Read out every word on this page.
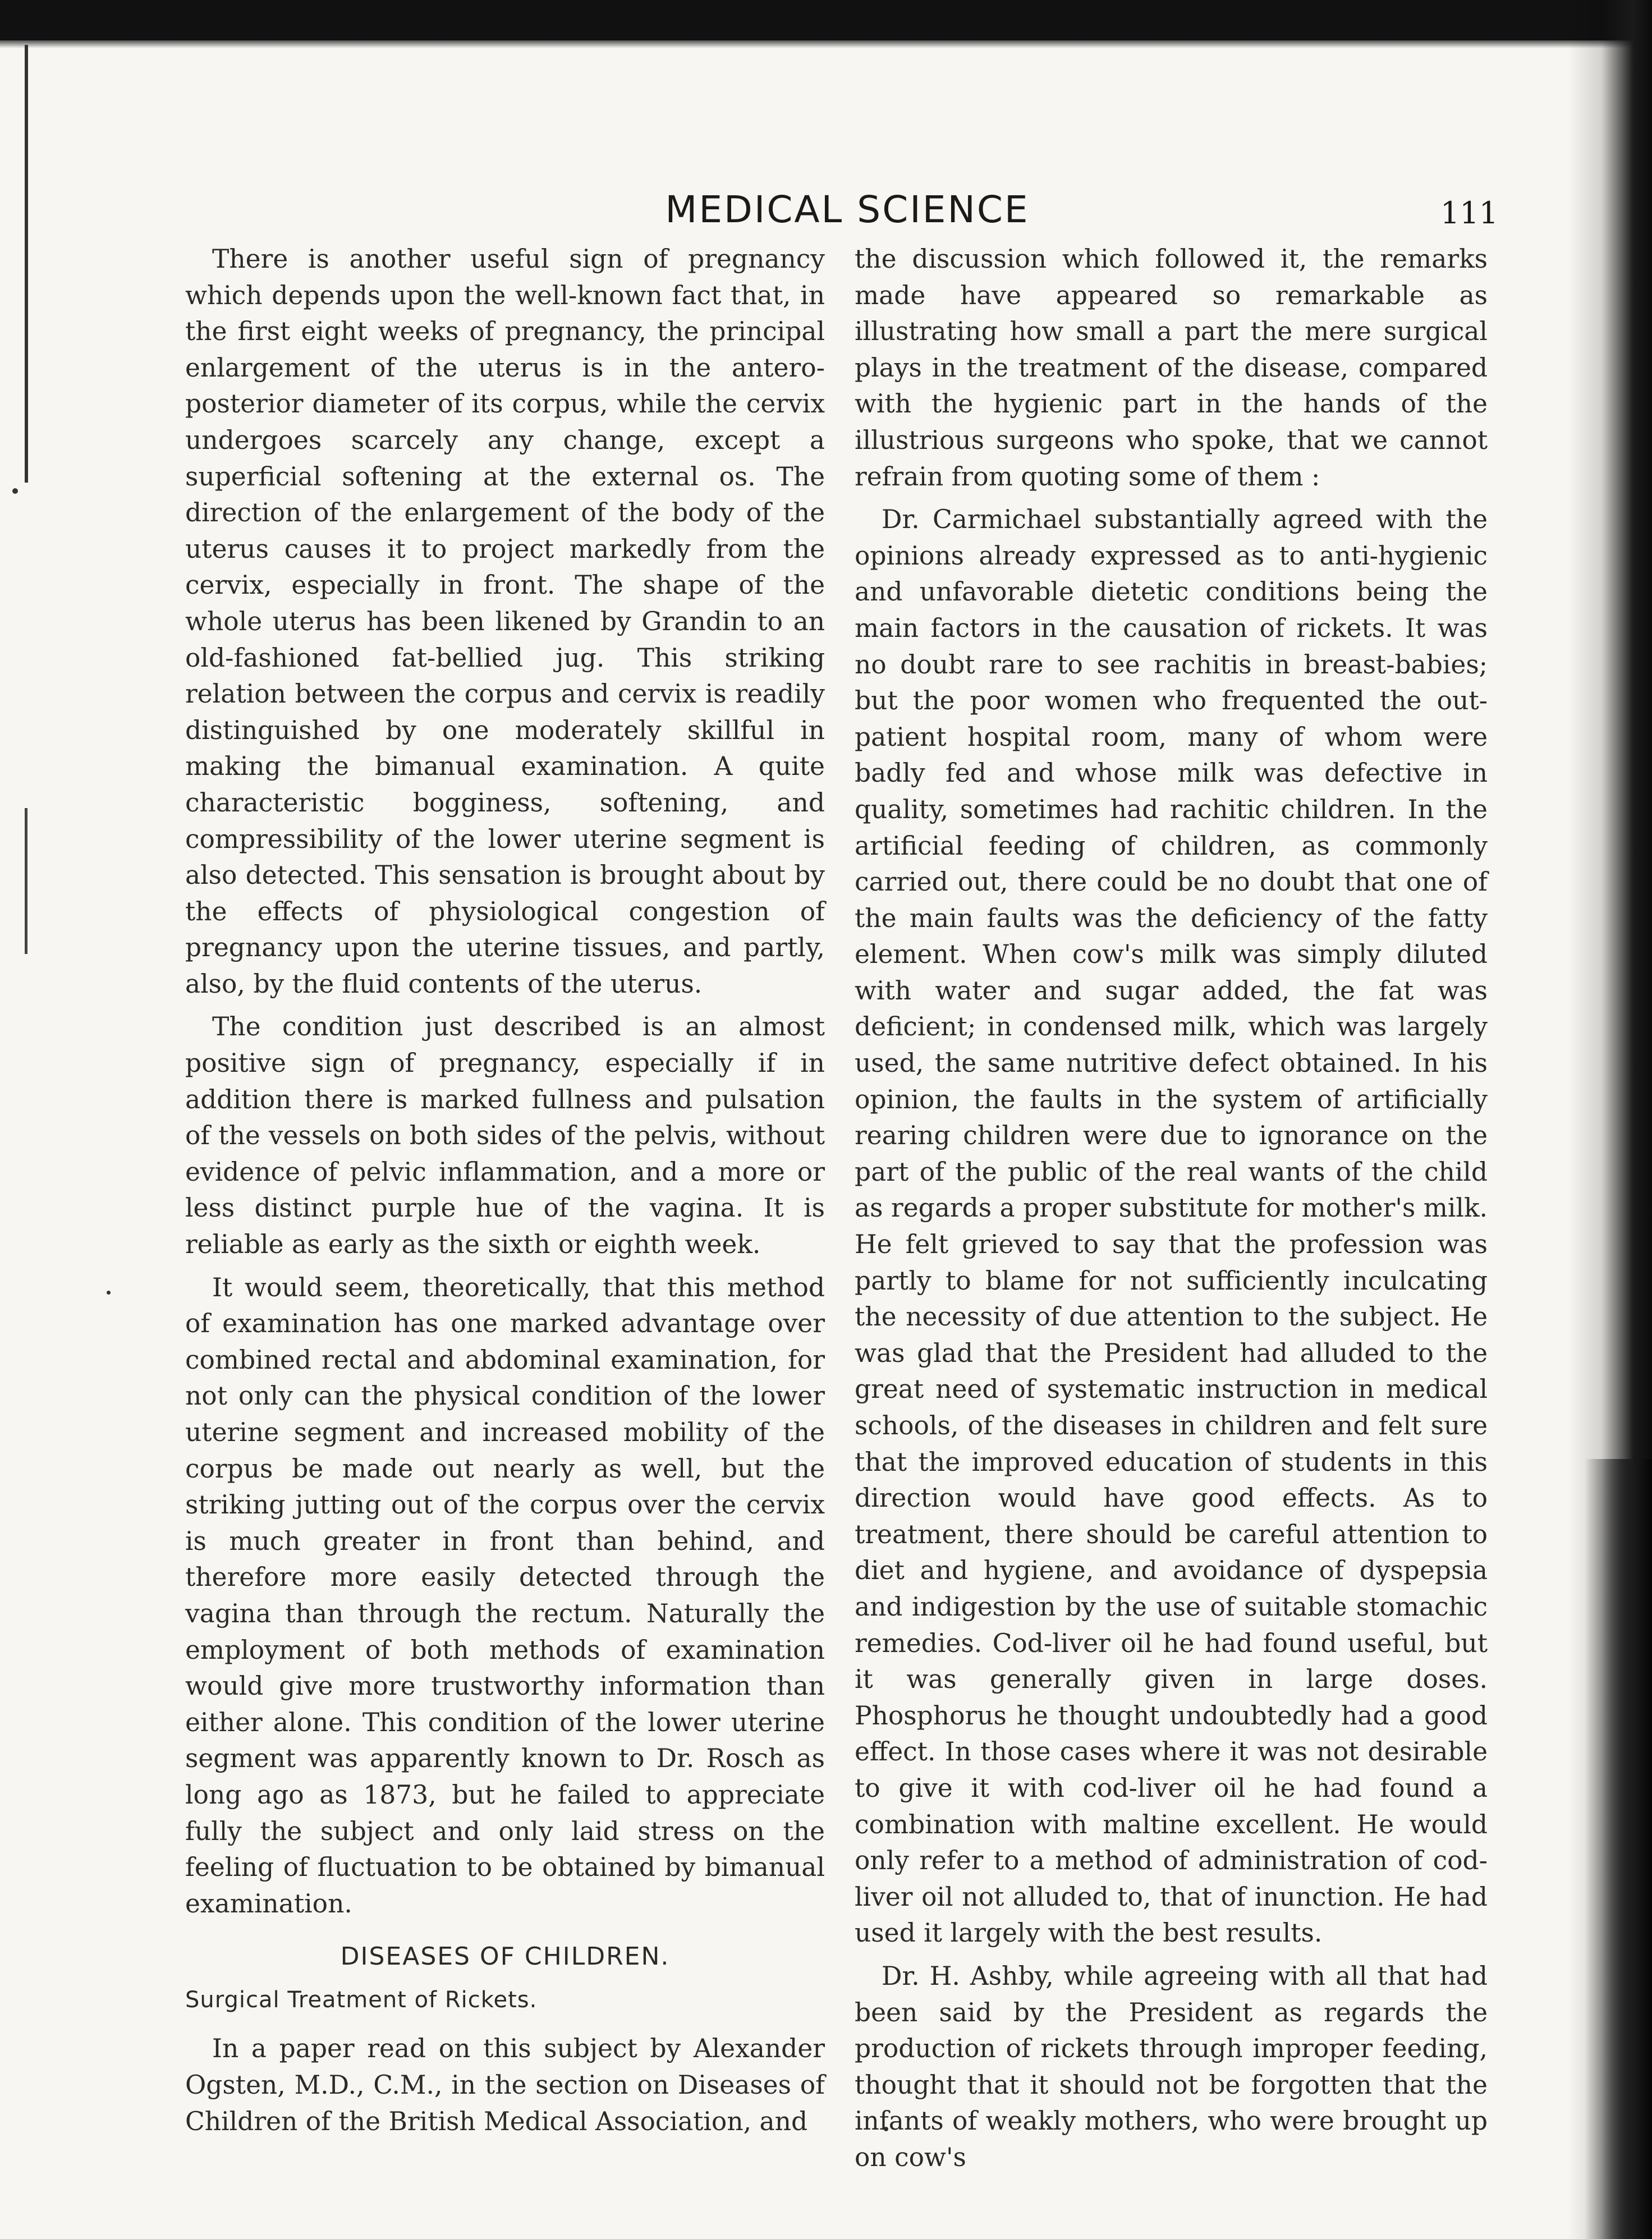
MEDICAL SCIENCE	111

There is another useful sign of pregnancy which depends upon the well-known fact that, in the first eight weeks of pregnancy, the principal enlargement of the uterus is in the antero-posterior diameter of its corpus, while the cervix undergoes scarcely any change, except a superficial softening at the external os. The direction of the enlargement of the body of the uterus causes it to project markedly from the cervix, especially in front. The shape of the whole uterus has been likened by Grandin to an old-fashioned fat-bellied jug. This striking relation between the corpus and cervix is readily distinguished by one moderately skillful in making the bimanual examination. A quite characteristic bogginess, softening, and compressibility of the lower uterine segment is also detected. This sensation is brought about by the effects of physiological congestion of pregnancy upon the uterine tissues, and partly, also, by the fluid contents of the uterus.

The condition just described is an almost positive sign of pregnancy, especially if in addition there is marked fullness and pulsation of the vessels on both sides of the pelvis, without evidence of pelvic inflammation, and a more or less distinct purple hue of the vagina. It is reliable as early as the sixth or eighth week.

It would seem, theoretically, that this method of examination has one marked advantage over combined rectal and abdominal examination, for not only can the physical condition of the lower uterine segment and increased mobility of the corpus be made out nearly as well, but the striking jutting out of the corpus over the cervix is much greater in front than behind, and therefore more easily detected through the vagina than through the rectum. Naturally the employment of both methods of examination would give more trustworthy information than either alone. This condition of the lower uterine segment was apparently known to Dr. Rosch as long ago as 1873, but he failed to appreciate fully the subject and only laid stress on the feeling of fluctuation to be obtained by bimanual examination.

DISEASES OF CHILDREN.
Surgical Treatment of Rickets.

In a paper read on this subject by Alexander Ogsten, M.D., C.M., in the section on Diseases of Children of the British Medical Association, and

the discussion which followed it, the remarks made have appeared so remarkable as illustrating how small a part the mere surgical plays in the treatment of the disease, compared with the hygienic part in the hands of the illustrious surgeons who spoke, that we cannot refrain from quoting some of them :

Dr. Carmichael substantially agreed with the opinions already expressed as to anti-hygienic and unfavorable dietetic conditions being the main factors in the causation of rickets. It was no doubt rare to see rachitis in breast-babies; but the poor women who frequented the out-patient hospital room, many of whom were badly fed and whose milk was defective in quality, sometimes had rachitic children. In the artificial feeding of children, as commonly carried out, there could be no doubt that one of the main faults was the deficiency of the fatty element. When cow's milk was simply diluted with water and sugar added, the fat was deficient; in condensed milk, which was largely used, the same nutritive defect obtained. In his opinion, the faults in the system of artificially rearing children were due to ignorance on the part of the public of the real wants of the child as regards a proper substitute for mother's milk. He felt grieved to say that the profession was partly to blame for not sufficiently inculcating the necessity of due attention to the subject. He was glad that the President had alluded to the great need of systematic instruction in medical schools, of the diseases in children and felt sure that the improved education of students in this direction would have good effects. As to treatment, there should be careful attention to diet and hygiene, and avoidance of dyspepsia and indigestion by the use of suitable stomachic remedies. Cod-liver oil he had found useful, but it was generally given in large doses. Phosphorus he thought undoubtedly had a good effect. In those cases where it was not desirable to give it with cod-liver oil he had found a combination with maltine excellent. He would only refer to a method of administration of cod-liver oil not alluded to, that of inunction. He had used it largely with the best results.

Dr. H. Ashby, while agreeing with all that had been said by the President as regards the production of rickets through improper feeding, thought that it should not be forgotten that the infants of weakly mothers, who were brought up on cow's
